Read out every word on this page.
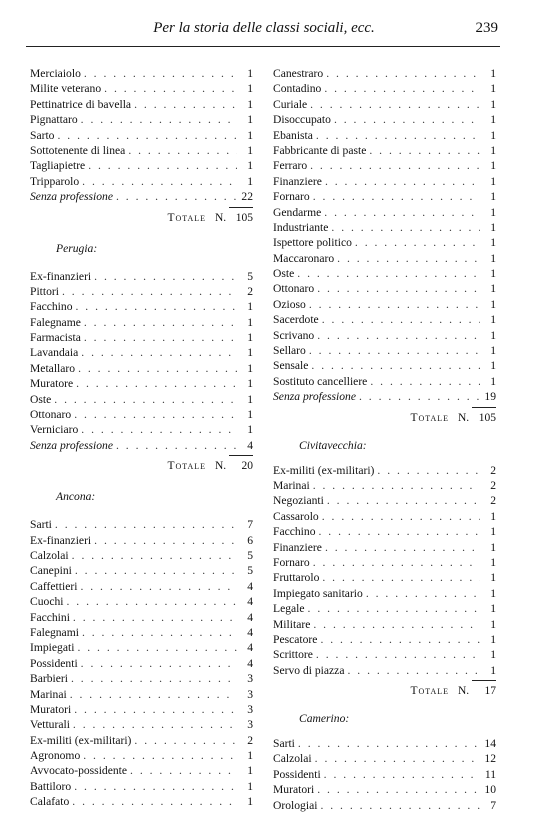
Per la storia delle classi sociali, ecc.	239
Merciaiolo . . .	1
Milite veterano . . .	1
Pettinatrice di bavella . . .	1
Pignattaro . . .	1
Sarto . . .	1
Sottotenente di linea . . .	1
Tagliapietre . . .	1
Tripparolo . . .	1
Senza professione . . .	22
Totale N. 105
Perugia:
Ex-finanzieri . . .	5
Pittori . . .	2
Facchino . . .	1
Falegname . . .	1
Farmacista . . .	1
Lavandaia . . .	1
Metallaro . . .	1
Muratore . . .	1
Oste . . .	1
Ottonaro . . .	1
Verniciaro . . .	1
Senza professione . . .	4
Totale N. 20
Ancona:
Sarti . . .	7
Ex-finanzieri . . .	6
Calzolai . . .	5
Canepini . . .	5
Caffettieri . . .	4
Cuochi . . .	4
Facchini . . .	4
Falegnami . . .	4
Impiegati . . .	4
Possidenti . . .	4
Barbieri . . .	3
Marinai . . .	3
Muratori . . .	3
Vetturali . . .	3
Ex-militi (ex-militari) . . .	2
Agronomo . . .	1
Avvocato-possidente . . .	1
Battiloro . . .	1
Calafato . . .	1
Canestraro . . .	1
Contadino . . .	1
Curiale . . .	1
Disoccupato . . .	1
Ebanista . . .	1
Fabbricante di paste . . .	1
Ferraro . . .	1
Finanziere . . .	1
Fornaro . . .	1
Gendarme . . .	1
Industriante . . .	1
Ispettore politico . . .	1
Maccaronaro . . .	1
Oste . . .	1
Ottonaro . . .	1
Ozioso . . .	1
Sacerdote . . .	1
Scrivano . . .	1
Sellaro . . .	1
Sensale . . .	1
Sostituto cancelliere . . .	1
Senza professione . . .	19
Totale N. 105
Civitavecchia:
Ex-militi (ex-militari) . . .	2
Marinai . . .	2
Negozianti . . .	2
Cassarolo . . .	1
Facchino . . .	1
Finanziere . . .	1
Fornaro . . .	1
Fruttarolo . . .	1
Impiegato sanitario . . .	1
Legale . . .	1
Militare . . .	1
Pescatore . . .	1
Scrittore . . .	1
Servo di piazza . . .	1
Totale N. 17
Camerino:
Sarti . . .	14
Calzolai . . .	12
Possidenti . . .	11
Muratori . . .	10
Orologiai . . .	7
